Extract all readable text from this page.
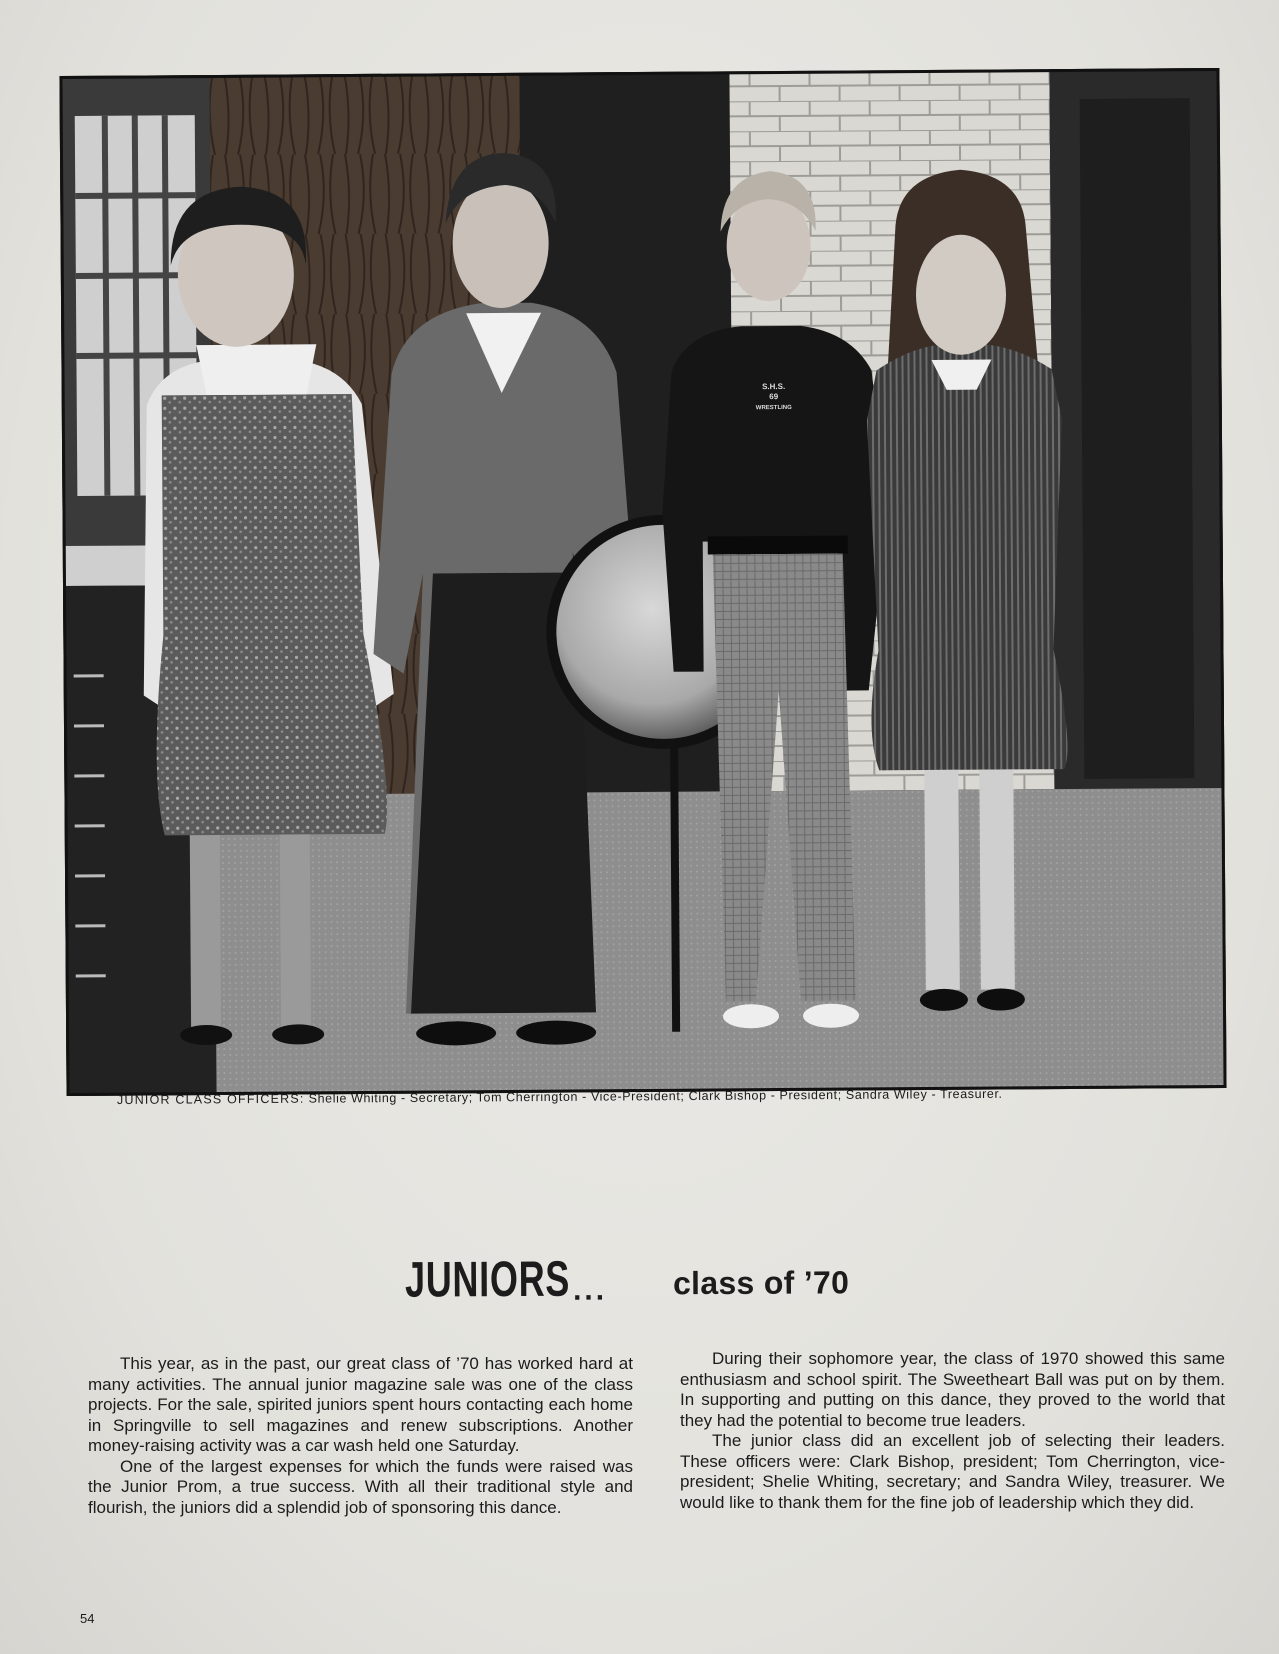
S.H.S.
69
WRESTLING
JUNIOR CLASS OFFICERS: Shelie Whiting - Secretary; Tom Cherrington - Vice-President; Clark Bishop - President; Sandra Wiley - Treasurer.
JUNIORS ... class of ’70

This year, as in the past, our great class of ’70 has worked hard at many activities. The annual junior magazine sale was one of the class projects. For the sale, spirited juniors spent hours contacting each home in Springville to sell magazines and renew subscriptions. Another money-raising activity was a car wash held one Saturday.

One of the largest expenses for which the funds were raised was the Junior Prom, a true success. With all their traditional style and flourish, the juniors did a splendid job of sponsoring this dance.

During their sophomore year, the class of 1970 showed this same enthusiasm and school spirit. The Sweetheart Ball was put on by them. In supporting and putting on this dance, they proved to the world that they had the potential to become true leaders.

The junior class did an excellent job of selecting their leaders. These officers were: Clark Bishop, president; Tom Cherrington, vice-president; Shelie Whiting, secretary; and Sandra Wiley, treasurer. We would like to thank them for the fine job of leadership which they did.

54
